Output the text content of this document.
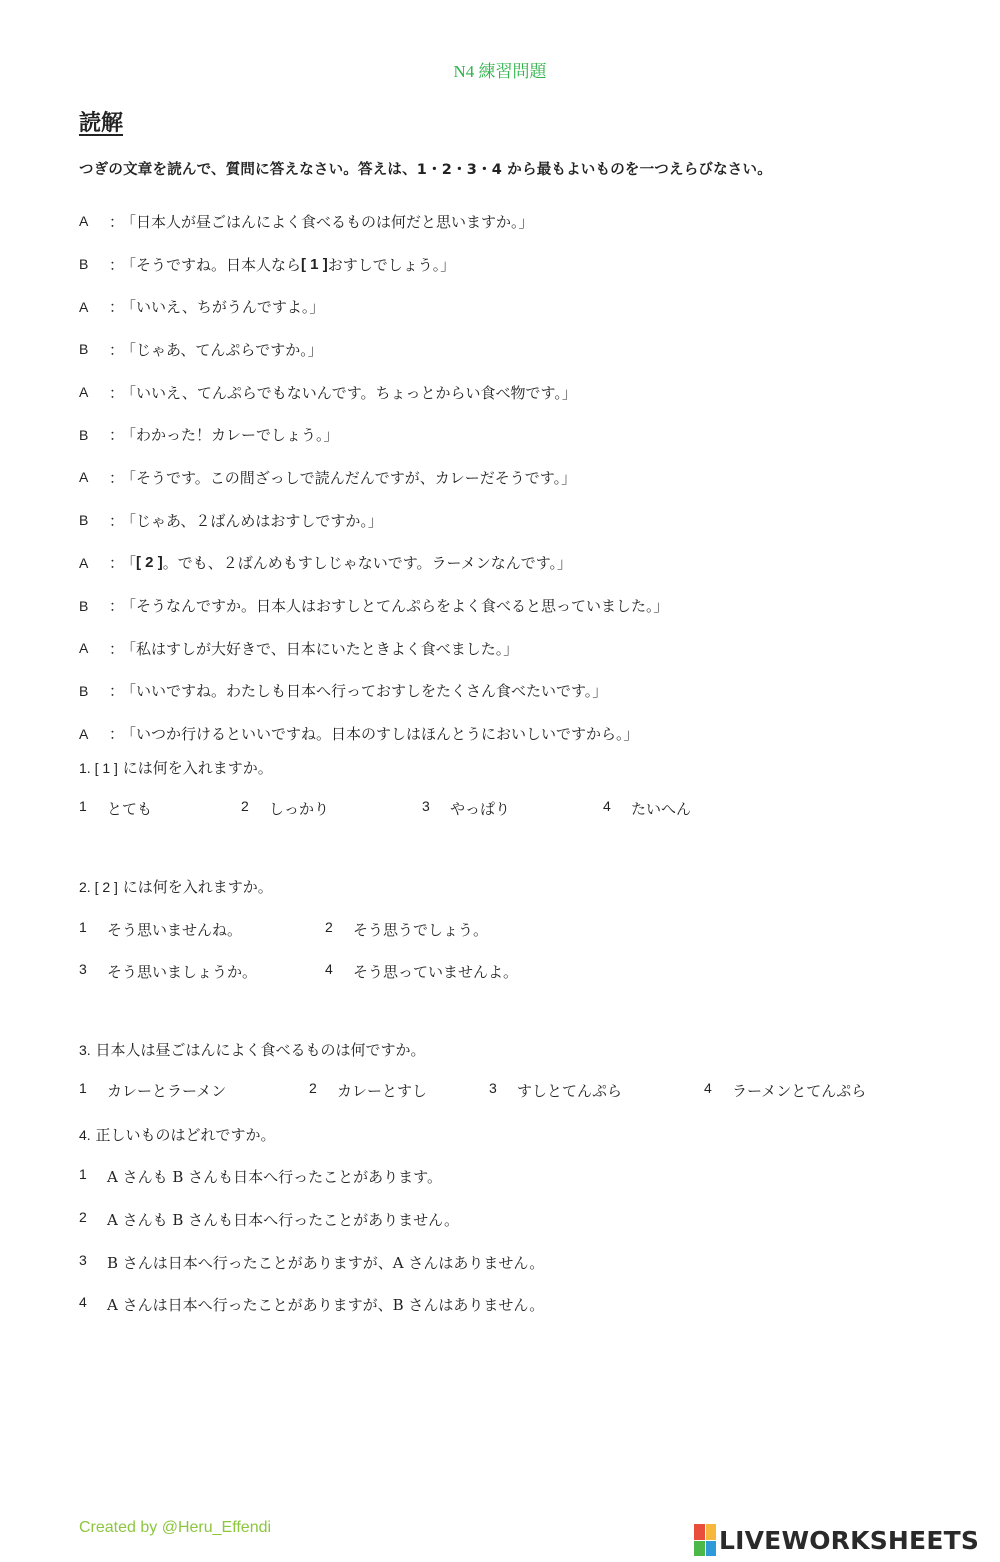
N4 練習問題
読解
つぎの文章を読んで、質問に答えなさい。答えは、1・2・3・4 から最もよいものを一つえらびなさい。
A	：
「日本人が昼ごはんによく食べるものは何だと思いますか。」
B	：
「そうですね。日本人なら [ 1 ] おすしでしょう。」
A	：
「いいえ、ちがうんですよ。」
B	：
「じゃあ、てんぷらですか。」
A	：
「いいえ、てんぷらでもないんです。ちょっとからい食べ物です。」
B	：
「わかった！カレーでしょう。」
A	：
「そうです。この間ざっしで読んだんですが、カレーだそうです。」
B	：
「じゃあ、２ばんめはおすしですか。」
A	：
「 [ 2 ] 。でも、２ばんめもすしじゃないです。ラーメンなんです。」
B	：
「そうなんですか。日本人はおすしとてんぷらをよく食べると思っていました。」
A	：
「私はすしが大好きで、日本にいたときよく食べました。」
B	：
「いいですね。わたしも日本へ行っておすしをたくさん食べたいです。」
A	：
「いつか行けるといいですね。日本のすしはほんとうにおいしいですから。」
1. [ 1 ] には何を入れますか。
1	とても	2	しっかり	3	やっぱり	4	たいへん
2. [ 2 ] には何を入れますか。
1	そう思いませんね。	2	そう思うでしょう。
3	そう思いましょうか。	4	そう思っていませんよ。
3. 日本人は昼ごはんによく食べるものは何ですか。
1	カレーとラーメン	2	カレーとすし	3	すしとてんぷら	4	ラーメンとてんぷら
4. 正しいものはどれですか。
1	A さんも B さんも日本へ行ったことがあります。
2	A さんも B さんも日本へ行ったことがありません。
3	B さんは日本へ行ったことがありますが、A さんはありません。
4	A さんは日本へ行ったことがありますが、B さんはありません。
Created by @Heru_Effendi	LIVEWORKSHEETS
